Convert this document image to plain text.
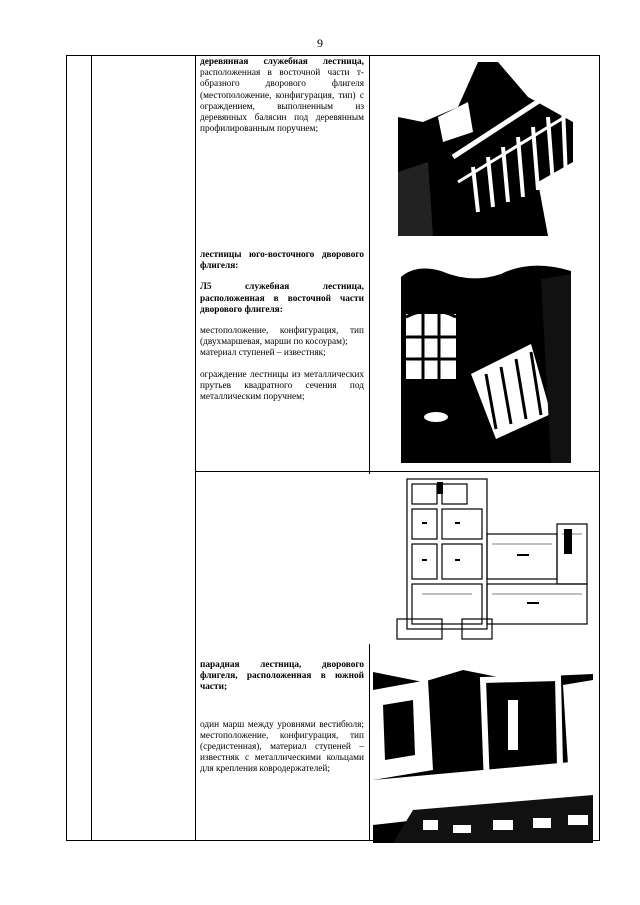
9

деревянная служебная лестница, расположенная в восточной части т-образного дворового флигеля (местоположение, конфигурация, тип) с ограждением, выполненным из деревянных балясин под деревянным профилированным поручнем;

лестницы юго-восточного дворового флигеля:

Л5 служебная лестница, расположенная в восточной части дворового флигеля:

местоположение, конфигурация, тип (двухмаршевая, марши по косоурам);
материал ступеней – известняк;

ограждение лестницы из металлических прутьев квадратного сечения под металлическим поручнем;

парадная лестница, дворового флигеля, расположенная в южной части;

один марш между уровнями вестибюля; местоположение, конфигурация, тип (средистенная), материал ступеней – известняк с металлическими кольцами для крепления ковродержателей;
